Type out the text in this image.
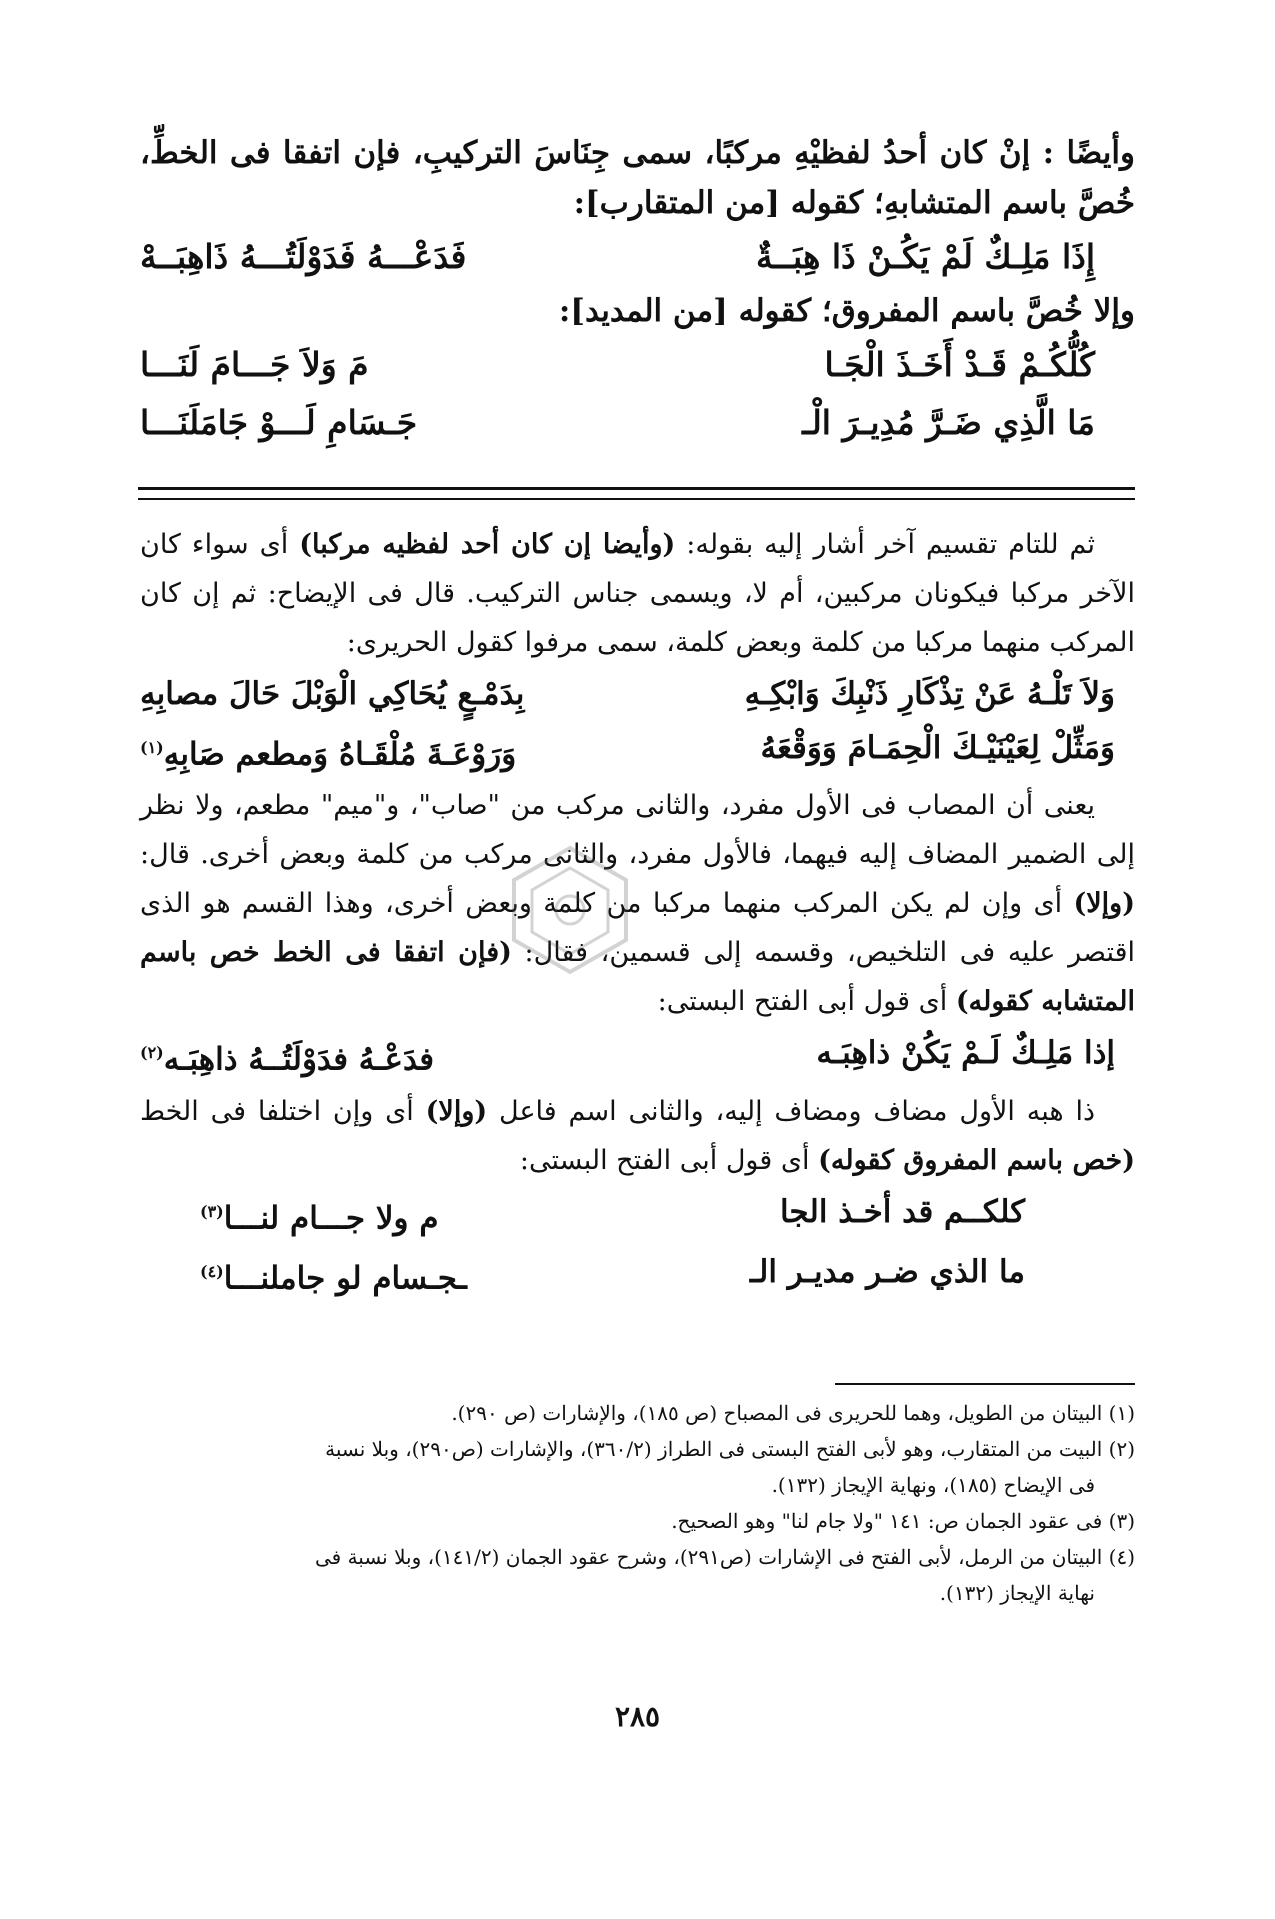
وأيضًا : إنْ كان أحدُ لفظيْهِ مركبًا، سمى جِنَاسَ التركيبِ، فإن اتفقا فى الخطِّ، خُصَّ باسم المتشابهِ؛ كقوله [من المتقارب]:

إِذَا مَلِـكٌ لَمْ يَكُـنْ ذَا هِبَــةٌ
فَدَعْـــهُ فَدَوْلَتُـــهُ ذَاهِبَــهْ

وإلا خُصَّ باسم المفروق؛ كقوله [من المديد]:

كُلُّكُـمْ قَـدْ أَخَـذَ الْجَـا
مَ وَلاَ جَـــامَ لَنَـــا
مَا الَّذِي ضَـرَّ مُدِيـرَ الْـ
جَـسَامِ لَـــوْ جَامَلَنَـــا

ثم للتام تقسيم آخر أشار إليه بقوله: (وأيضا إن كان أحد لفظيه مركبا) أى سواء كان الآخر مركبا فيكونان مركبين، أم لا، ويسمى جناس التركيب. قال فى الإيضاح: ثم إن كان المركب منهما مركبا من كلمة وبعض كلمة، سمى مرفوا كقول الحريرى:

وَلاَ تَلْـهُ عَنْ تِذْكَارِ ذَنْبِكَ وَابْكِـهِ
بِدَمْـعٍ يُحَاكِي الْوَبْلَ حَالَ مصابِهِ
وَمَثِّلْ لِعَيْنَيْـكَ الْحِمَـامَ وَوَقْعَهُ
وَرَوْعَـةَ مُلْقَـاهُ وَمطعم صَابِهِ$^{(١)}$

يعنى أن المصاب فى الأول مفرد، والثانى مركب من "صاب"، و"ميم" مطعم، ولا نظر إلى الضمير المضاف إليه فيهما، فالأول مفرد، والثانى مركب من كلمة وبعض أخرى. قال: (وإلا) أى وإن لم يكن المركب منهما مركبا من كلمة وبعض أخرى، وهذا القسم هو الذى اقتصر عليه فى التلخيص، وقسمه إلى قسمين، فقال: (فإن اتفقا فى الخط خص باسم المتشابه كقوله) أى قول أبى الفتح البستى:

إذا مَلِـكٌ لَـمْ يَكُنْ ذاهِبَـه
فدَعْـهُ فدَوْلَتُــهُ ذاهِبَـه$^{(٢)}$

ذا هبه الأول مضاف ومضاف إليه، والثانى اسم فاعل (وإلا) أى وإن اختلفا فى الخط (خص باسم المفروق كقوله) أى قول أبى الفتح البستى:

كلكــم قد أخـذ الجا
م ولا جـــام لنـــا$^{(٣)}$
ما الذي ضـر مديـر الـ
ـجـسام لو جاملنـــا$^{(٤)}$

(١) البيتان من الطويل، وهما للحريرى فى المصباح (ص ١٨٥)، والإشارات (ص ٢٩٠).

(٢) البيت من المتقارب، وهو لأبى الفتح البستى فى الطراز (٣٦٠/٢)، والإشارات (ص٢٩٠)، وبلا نسبة

فى الإيضاح (١٨٥)، ونهاية الإيجاز (١٣٢).

(٣) فى عقود الجمان ص: ١٤١ "ولا جام لنا" وهو الصحيح.

(٤) البيتان من الرمل، لأبى الفتح فى الإشارات (ص٢٩١)، وشرح عقود الجمان (١٤١/٢)، وبلا نسبة فى

نهاية الإيجاز (١٣٢).

٢٨٥
